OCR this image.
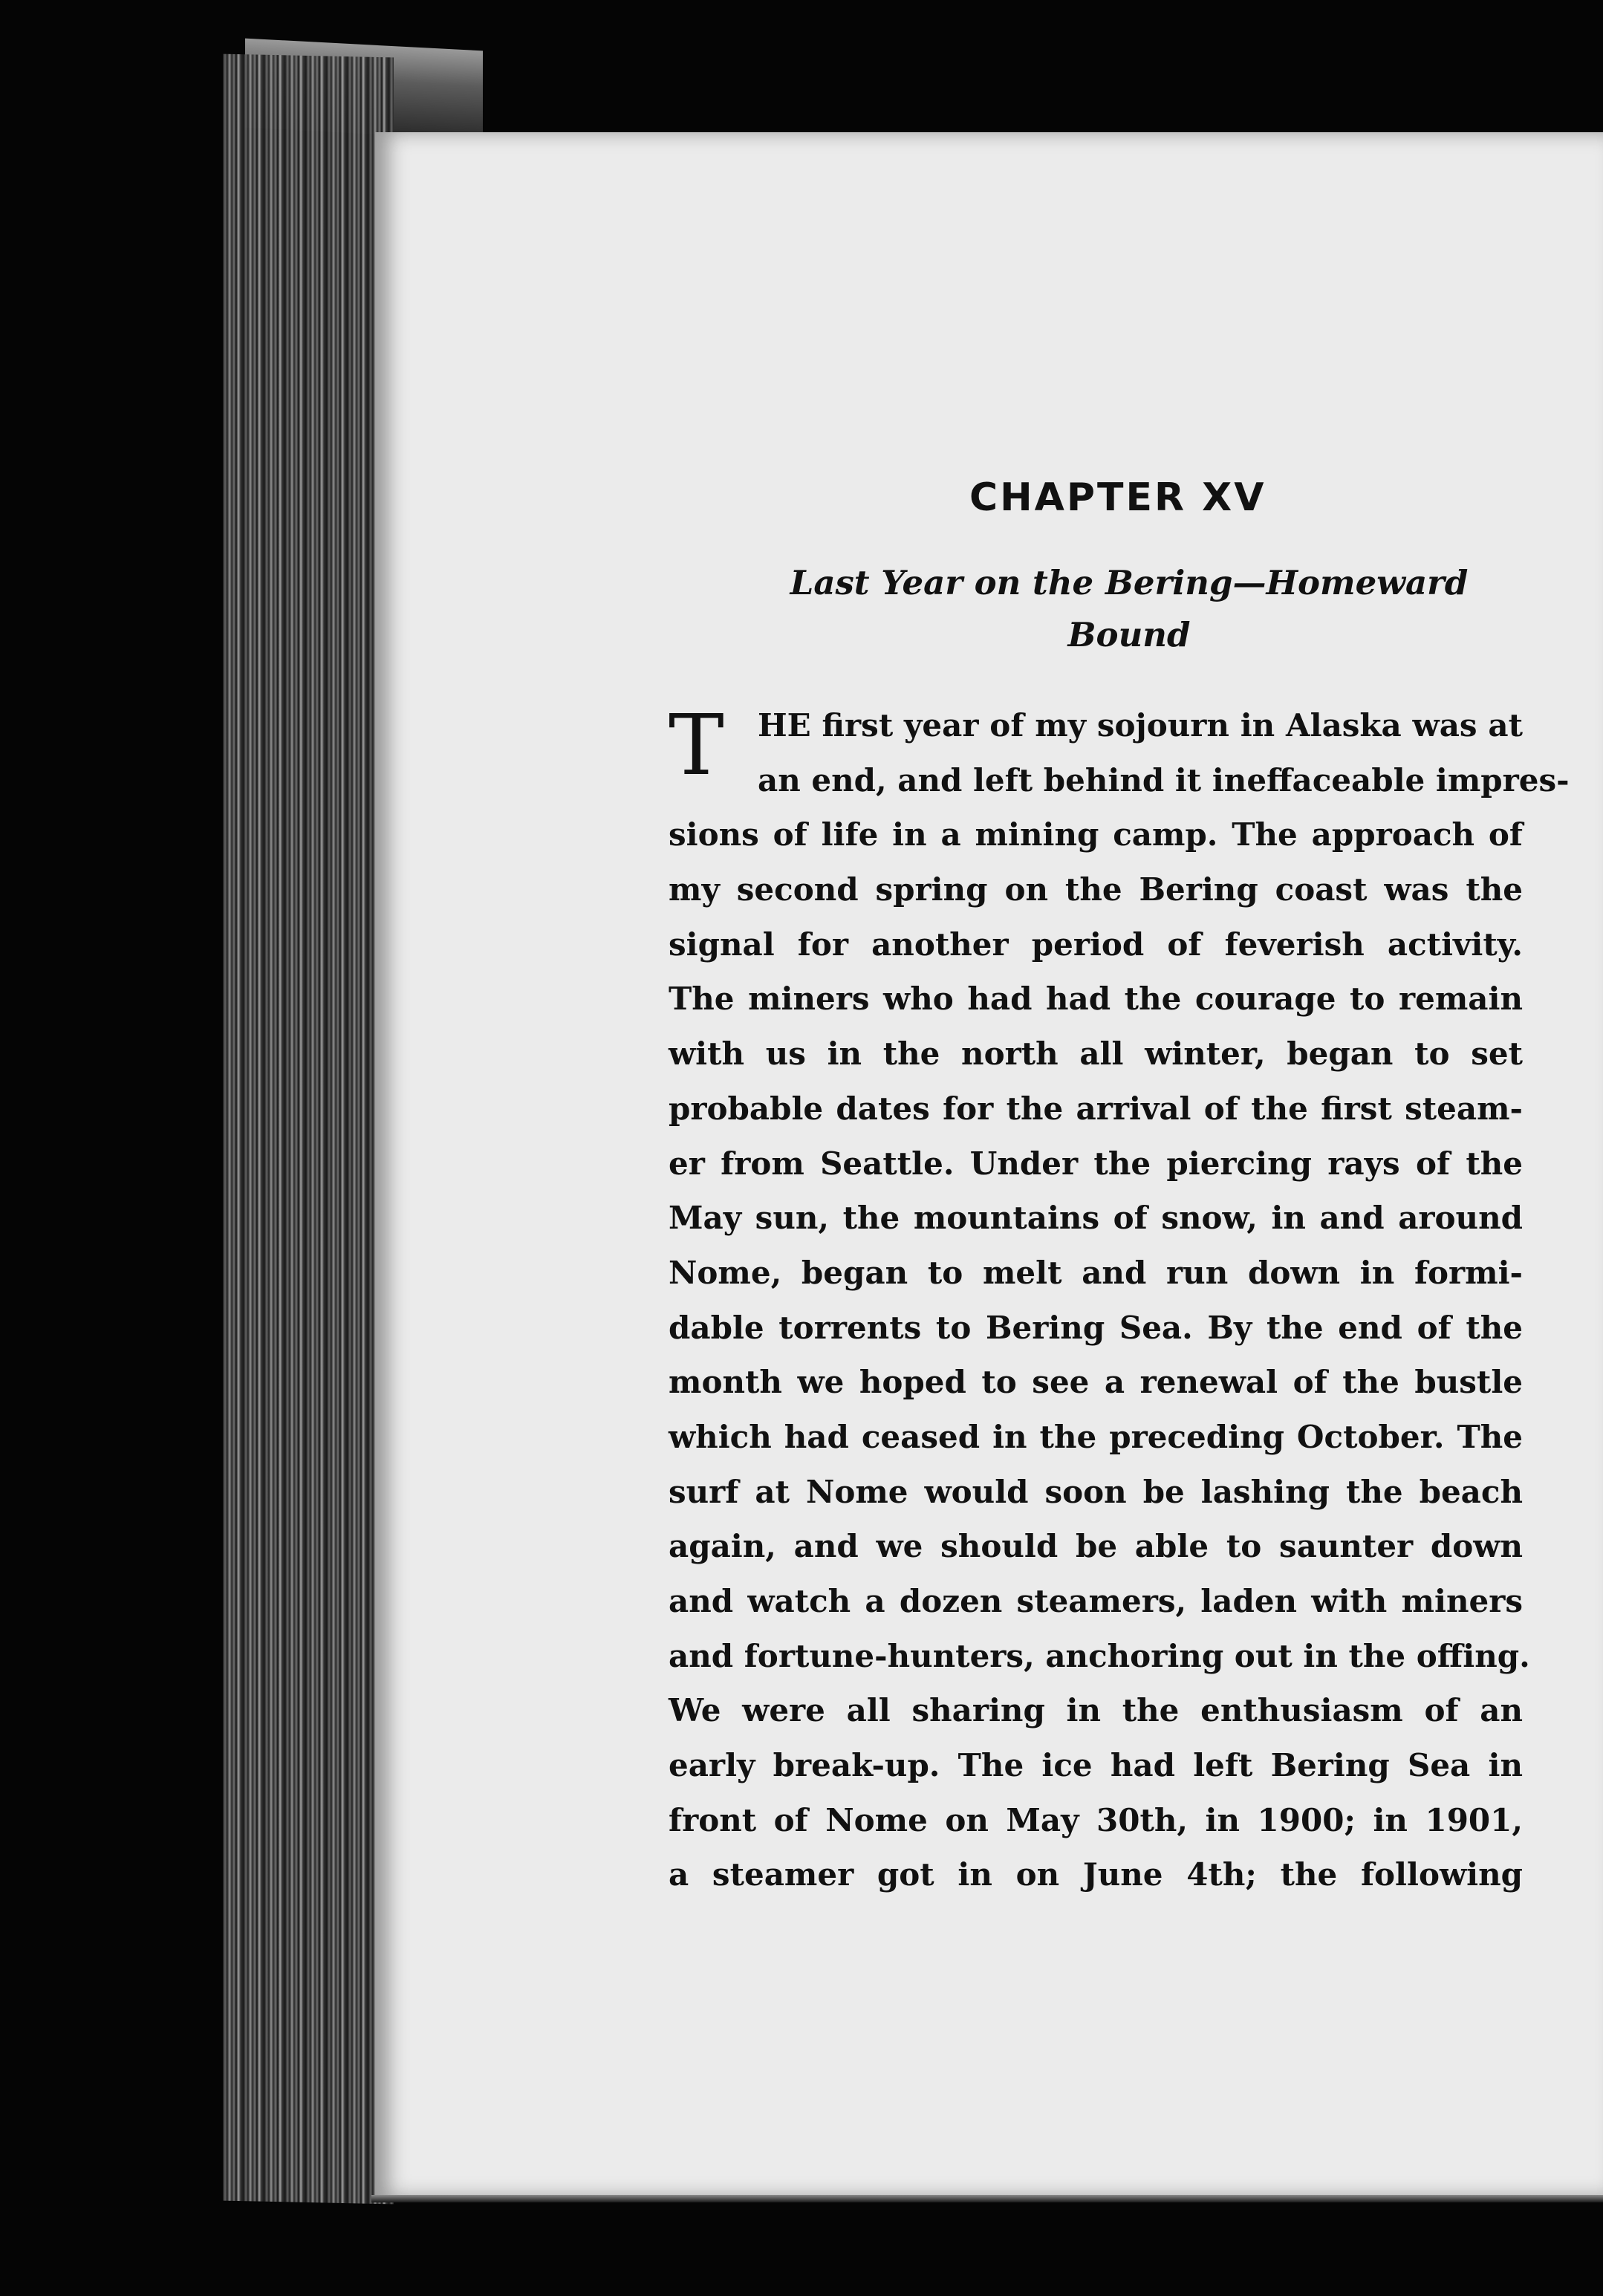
CHAPTER XV
Last Year on the Bering—Homeward
Bound
T	HE first year of my sojourn in Alaska was at
an end, and left behind it ineffaceable impres-
sions of life in a mining camp. The approach of
my second spring on the Bering coast was the
signal for another period of feverish activity.
The miners who had had the courage to remain
with us in the north all winter, began to set
probable dates for the arrival of the first steam-
er from Seattle. Under the piercing rays of the
May sun, the mountains of snow, in and around
Nome, began to melt and run down in formi-
dable torrents to Bering Sea. By the end of the
month we hoped to see a renewal of the bustle
which had ceased in the preceding October. The
surf at Nome would soon be lashing the beach
again, and we should be able to saunter down
and watch a dozen steamers, laden with miners
and fortune-hunters, anchoring out in the offing.
We were all sharing in the enthusiasm of an
early break-up. The ice had left Bering Sea in
front of Nome on May 30th, in 1900; in 1901,
a steamer got in on June 4th; the following
